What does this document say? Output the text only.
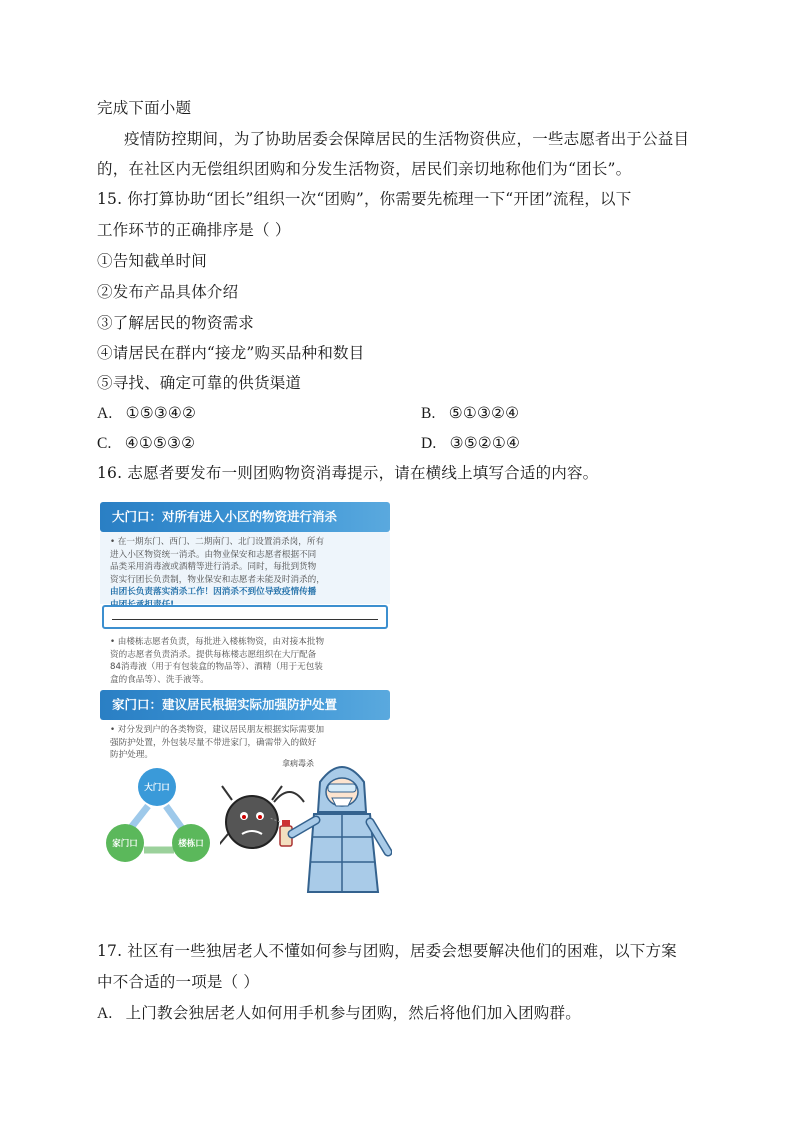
完成下面小题
疫情防控期间，为了协助居委会保障居民的生活物资供应，一些志愿者出于公益目
的，在社区内无偿组织团购和分发生活物资，居民们亲切地称他们为“团长”。
15. 你打算协助“团长”组织一次“团购”，你需要先梳理一下“开团”流程，以下
工作环节的正确排序是（ ）
①告知截单时间
②发布产品具体介绍
③了解居民的物资需求
④请居民在群内“接龙”购买品种和数目
⑤寻找、确定可靠的供货渠道
A. ①⑤③④②	B. ⑤①③②④
C. ④①⑤③②	D. ③⑤②①④
16. 志愿者要发布一则团购物资消毒提示，请在横线上填写合适的内容。
大门口：对所有进入小区的物资进行消杀
• 在一期东门、西门、二期南门、北门设置消杀岗，所有
进入小区物资统一消杀。由物业保安和志愿者根据不同
品类采用消毒液或酒精等进行消杀。同时，每批到货物
资实行团长负责制，物业保安和志愿者未能及时消杀的，
由团长负责落实消杀工作！因消杀不到位导致疫情传播
• 由楼栋志愿者负责，每批进入楼栋物资，由对接本批物
资的志愿者负责消杀。提供每栋楼志愿组织在大厅配备
84消毒液（用于有包装盒的物品等）、酒精（用于无包装
盒的食品等）、洗手液等。
家门口：建议居民根据实际加强防护处置
• 对分发到户的各类物资，建议居民朋友根据实际需要加
强防护处置，外包装尽量不带进家门，确需带入的做好
防护处理。
大门口
家门口	楼栋口
拿病毒杀
17. 社区有一些独居老人不懂如何参与团购，居委会想要解决他们的困难，以下方案
中不合适的一项是（ ）
A. 上门教会独居老人如何用手机参与团购，然后将他们加入团购群。
